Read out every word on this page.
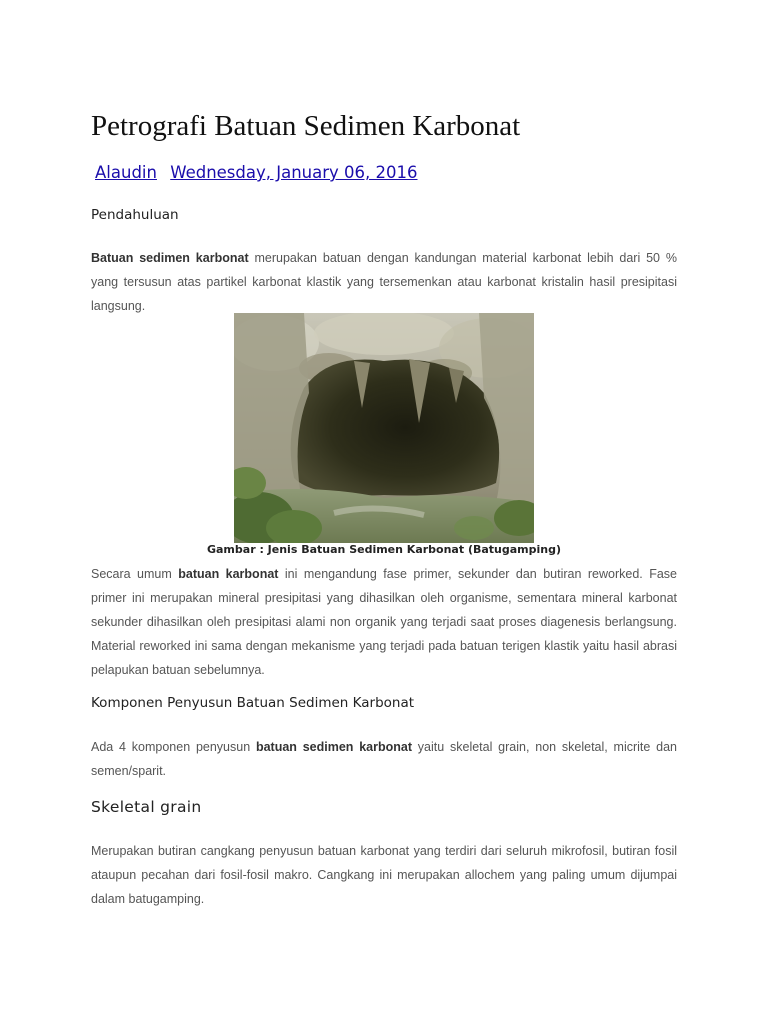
Petrografi Batuan Sedimen Karbonat
Alaudin Wednesday, January 06, 2016
Pendahuluan

Batuan sedimen karbonat merupakan batuan dengan kandungan material karbonat lebih dari 50 % yang tersusun atas partikel karbonat klastik yang tersemenkan atau karbonat kristalin hasil presipitasi langsung.

Gambar : Jenis Batuan Sedimen Karbonat (Batugamping)

Secara umum batuan karbonat ini mengandung fase primer, sekunder dan butiran reworked. Fase primer ini merupakan mineral presipitasi yang dihasilkan oleh organisme, sementara mineral karbonat sekunder dihasilkan oleh presipitasi alami non organik yang terjadi saat proses diagenesis berlangsung. Material reworked ini sama dengan mekanisme yang terjadi pada batuan terigen klastik yaitu hasil abrasi pelapukan batuan sebelumnya.

Komponen Penyusun Batuan Sedimen Karbonat

Ada 4 komponen penyusun batuan sedimen karbonat yaitu skeletal grain, non skeletal, micrite dan semen/sparit.

Skeletal grain

Merupakan butiran cangkang penyusun batuan karbonat yang terdiri dari seluruh mikrofosil, butiran fosil ataupun pecahan dari fosil-fosil makro. Cangkang ini merupakan allochem yang paling umum dijumpai dalam batugamping.
